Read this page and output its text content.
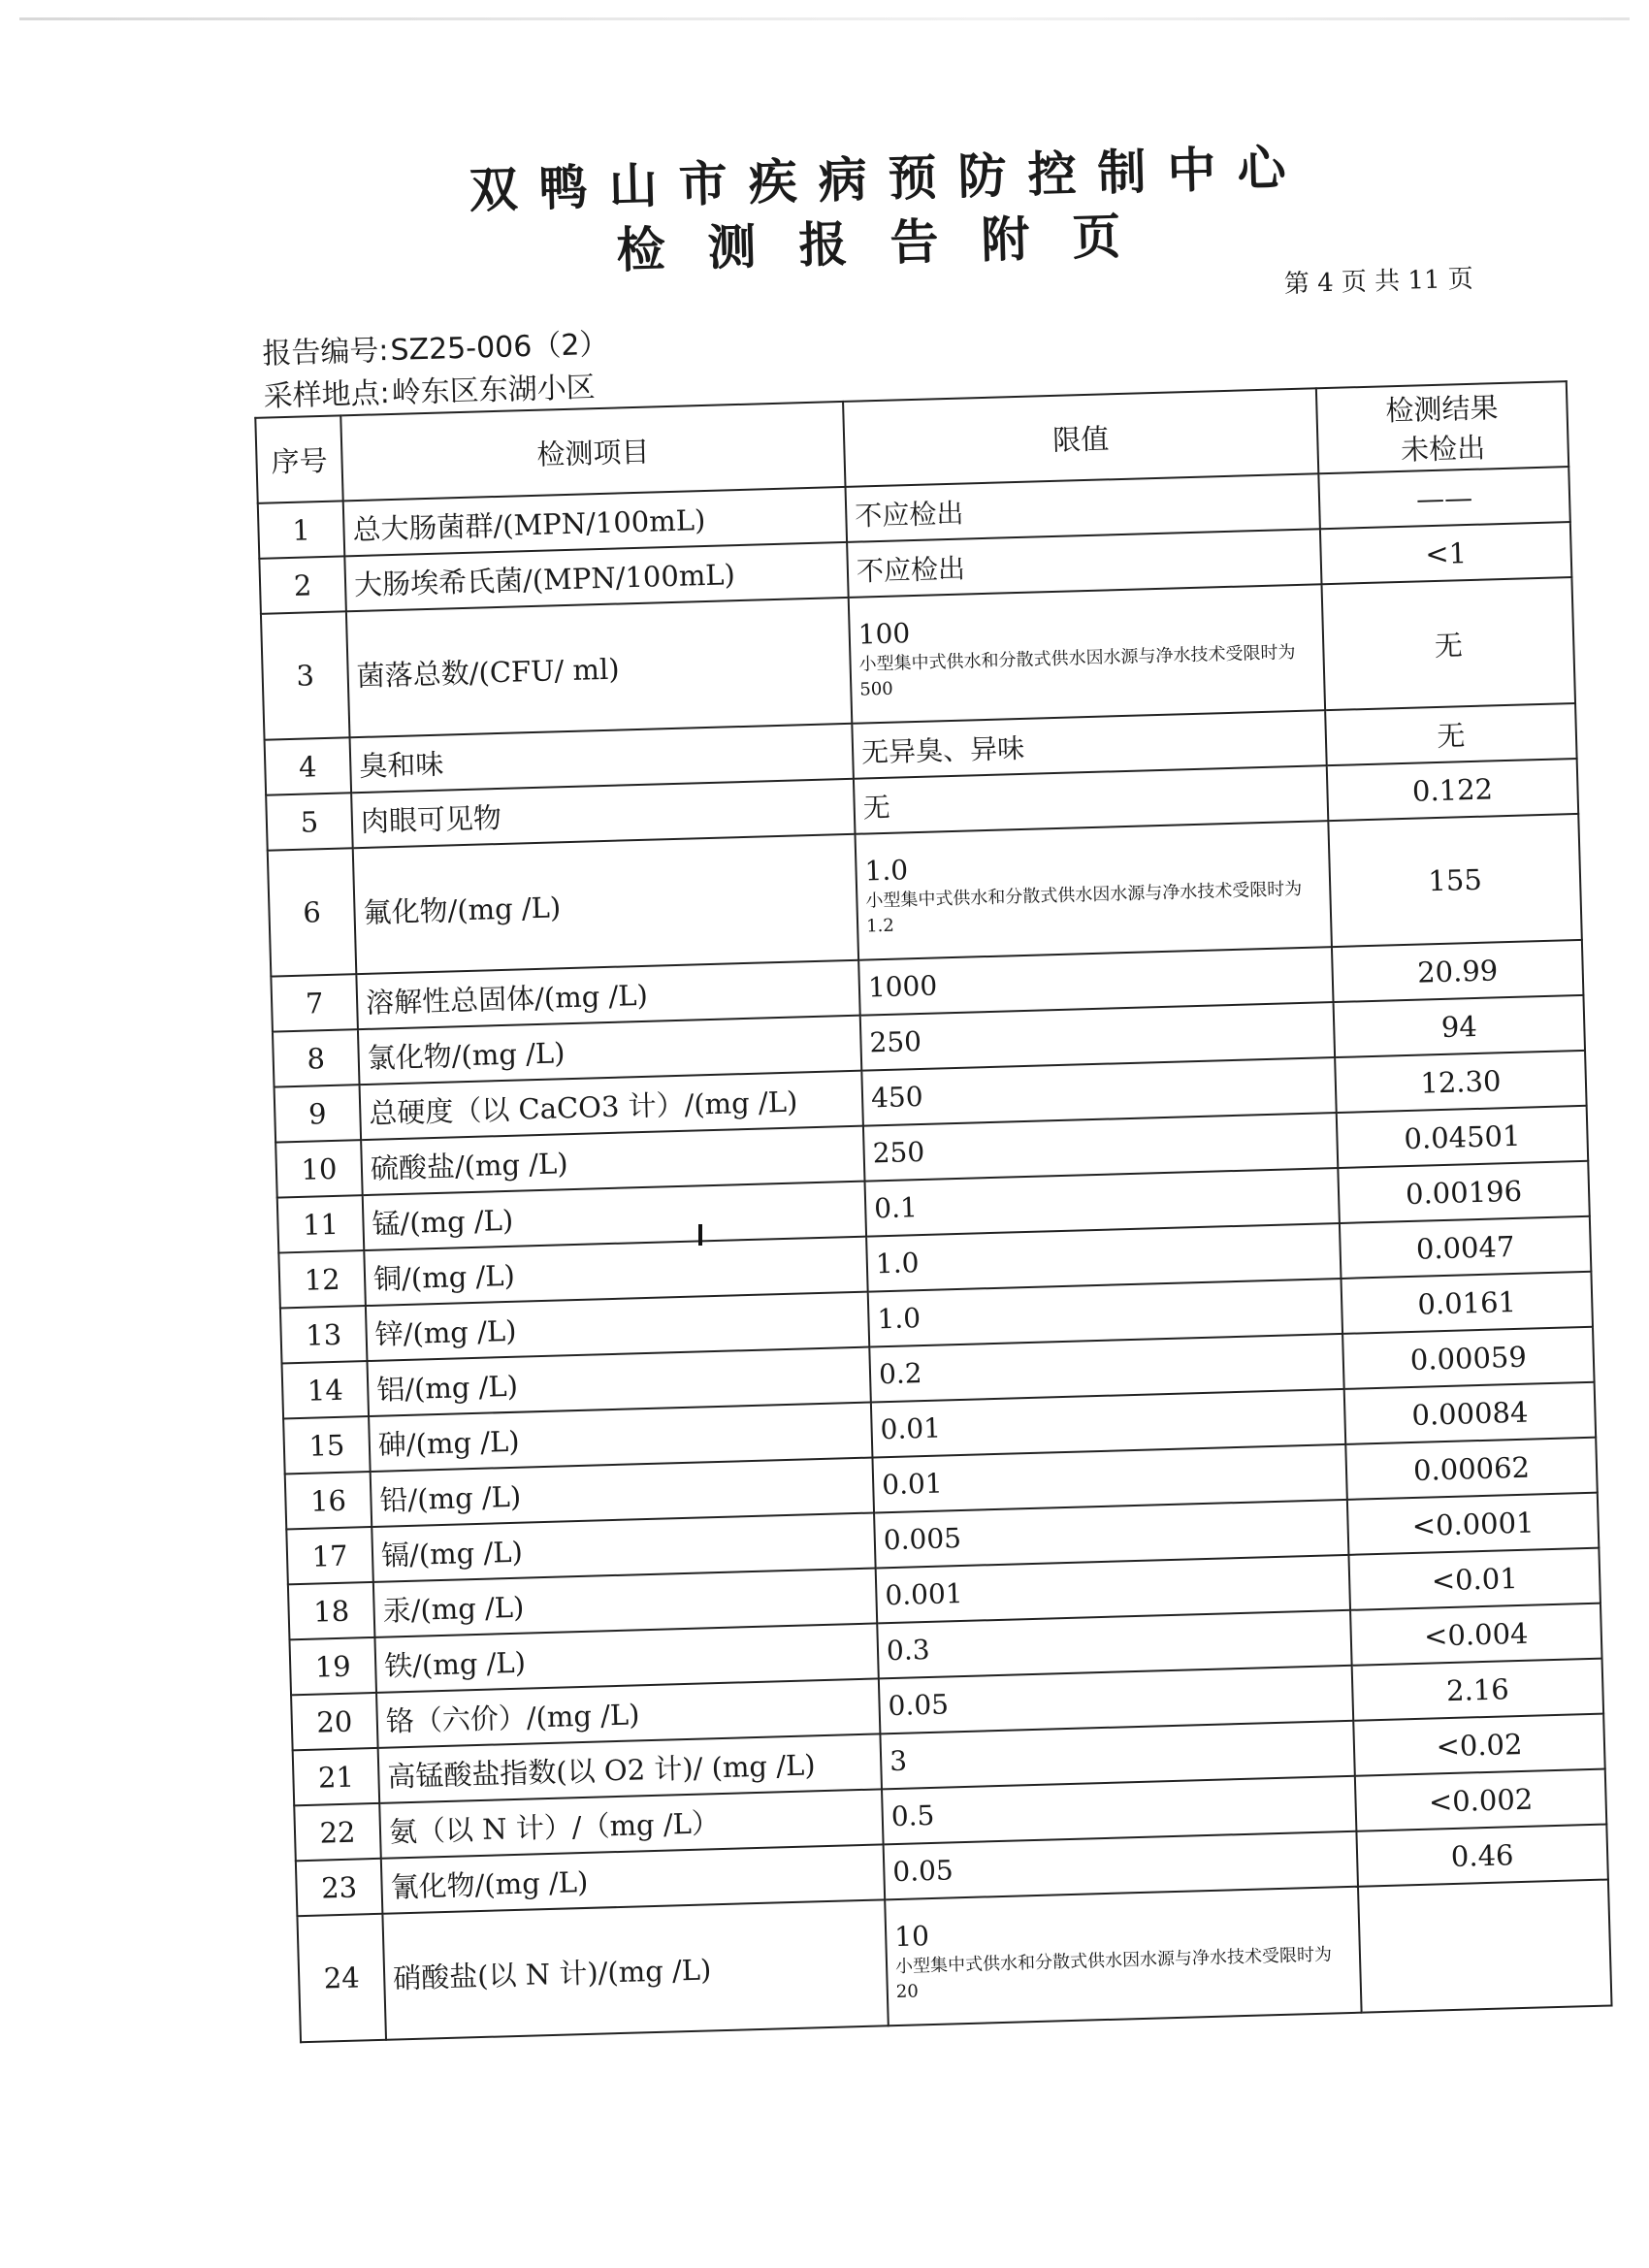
双鸭山市疾病预防控制中心
检测报告附页
第 4 页 共 11 页
报告编号:SZ25-006（2）
采样地点:岭东区东湖小区
序号	检测项目	限值	检测结果
未检出
1	总大肠菌群/(MPN/100mL)	不应检出	——
2	大肠埃希氏菌/(MPN/100mL)	不应检出	<1
3	菌落总数/(CFU/ ml)	100
小型集中式供水和分散式供水因水源与净水技术受限时为500	无
4	臭和味	无异臭、异味	无
5	肉眼可见物	无	0.122
6	氟化物/(mg /L)	1.0
小型集中式供水和分散式供水因水源与净水技术受限时为1.2	155
7	溶解性总固体/(mg /L)	1000	20.99
8	氯化物/(mg /L)	250	94
9	总硬度（以 CaCO3 计）/(mg /L)	450	12.30
10	硫酸盐/(mg /L)	250	0.04501
11	锰/(mg /L)	0.1	0.00196
12	铜/(mg /L)	1.0	0.0047
13	锌/(mg /L)	1.0	0.0161
14	铝/(mg /L)	0.2	0.00059
15	砷/(mg /L)	0.01	0.00084
16	铅/(mg /L)	0.01	0.00062
17	镉/(mg /L)	0.005	<0.0001
18	汞/(mg /L)	0.001	<0.01
19	铁/(mg /L)	0.3	<0.004
20	铬（六价）/(mg /L)	0.05	2.16
21	高锰酸盐指数(以 O2 计)/ (mg /L)	3	<0.02
22	氨（以 N 计）/（mg /L）	0.5	<0.002
23	氰化物/(mg /L)	0.05	0.46
24	硝酸盐(以 N 计)/(mg /L)	10
小型集中式供水和分散式供水因水源与净水技术受限时为20	
